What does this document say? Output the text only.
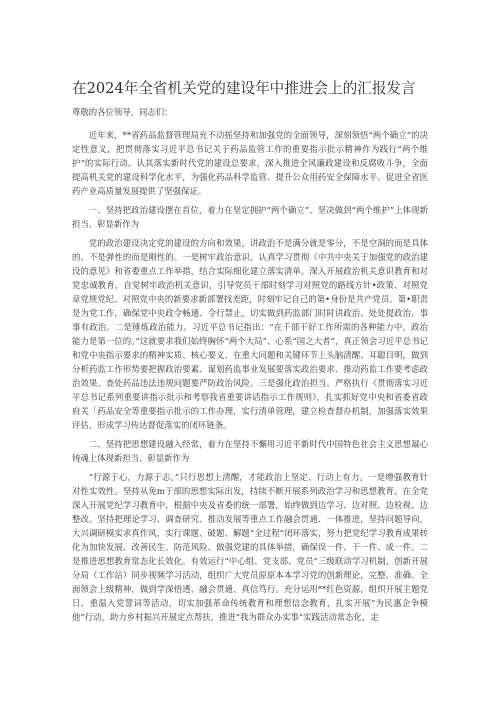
在2024年全省机关党的建设年中推进会上的汇报发言

尊敬的各位领导，同志们：

近年来，**省药品监督管理局充不动摇坚持和加强党的全面领导，深刻领悟“两个确立”的决定性意义，把贯彻落实习近平总书记关于药品监管工作的重要指示批示精神作为践行“两个维护”的实际行动。认其落实新时代党的建设总要求，深入推进全风廉政建设和反腐败斗争，全面提高机关党的建设科学化水平，为强化药品科学监管、提升公众用药安全保障水平、促进全省医药产业高质量发展提供了坚强保证。

一、坚持把政治建设摆在首位，着力在坚定拥护“两个确立”、坚决做到“两个维护”上体现新担当、彰显新作为

党的政治建设决定党的建设的方向和效果，讲政治不是满分就是零分，不是空洞的而是具体的、不是弹性的而是刚性的。一是树牢政治意识。认真学习贯彻《中共中央关于加强党的政治建设的意见》和省委重点工作举措，结合实际细化建立落实清单。深入开展政治机关意识教育和对党忠诚教育，自觉树牢政治机关意识，引导党员干部时刻学习对照党的路线方针•政策、对照党章党规党纪、对照党中央的新要求新部署找差距，时刻牢记自己的第•身份是共产党员、第•职责是为党工作，确保党中央政令畅通、令行禁止，切实做到药监部门时时讲政治、处处提政治、事事有政治。二是锤炼政治能力。习近平总书记指出：“在千部干好工作所需的各种能力中，政治能力是第一位的。”这就要求我们始终胸怀“两个大局”、心系“国之大者”，真正领会习近平总书记和党中央指示要求的精神实质、核心要义、在重大问题和关键环节上头脑清醒、耳聪目明，做到分析药监工作形势要把握政治要素、谋划药监事业发展要落实政治要求、推动药监工作要考虑政治效果、查处药品违法违规问题要严防政治风险。三是强化政治担当。严格执行《贯彻落实习近平总书记系列重要讲指示批示和考察我省重要讲话指示工作规则》，扎实抓好党中央和省委省政府关「药品安全等重要指示批示的工作办理，实行清单管理，建立检查督办机制，加强落实效果评估，形成学习传达督促落实的闭环链条。

二、坚持把思想建设融入经常，着力在坚持不懈用习近平新时代中国特色社会主义思想凝心铸魂上体现新担当、彰显新作为

“行源于心，力源于志。”只行思想上清醒，才能政治上坚定、行动上有力。一是增强教育针对性实效性。坚持从免m于部的思想实际出发，持续不断开展系列政治学习和思想教育。在全党深入开展党纪学习教育中，根据中央及省委的统一部署，始终做到边学习、边对照、边检视、边整改。坚持把理论学习、调查研究、推动发展等重点工作融会贯通、一体推进，坚持问题导向，大兴调研模实求真作风，实行课题、破题、解题“全过程”闭环落实，努力把党纪学习教育成果转化为加快发展、改善民生、防范风险、做强党建的具体举措，确保误一件、干一件、成一件。二是推进思想教育常态化长效化。有效运行“中心组、党支部、党员”三级联动学习机制，创新开展分局（工作站）同步视频学习活动，组织广大党员原原本本学习党的创新理论，完整、准确、全面领会上级精神，做到学深悟透、融会贯通、真信笃行。充分运用**红色资源，组织开展主题党日、重温入党誓词等活动，切实加强革命传统教育和理想信念教育，扎实开展“为民惠企争模他”行动，助力乡村振兴开展定点帮扶，推进“我为群众办实事”实践活动常态化，走
